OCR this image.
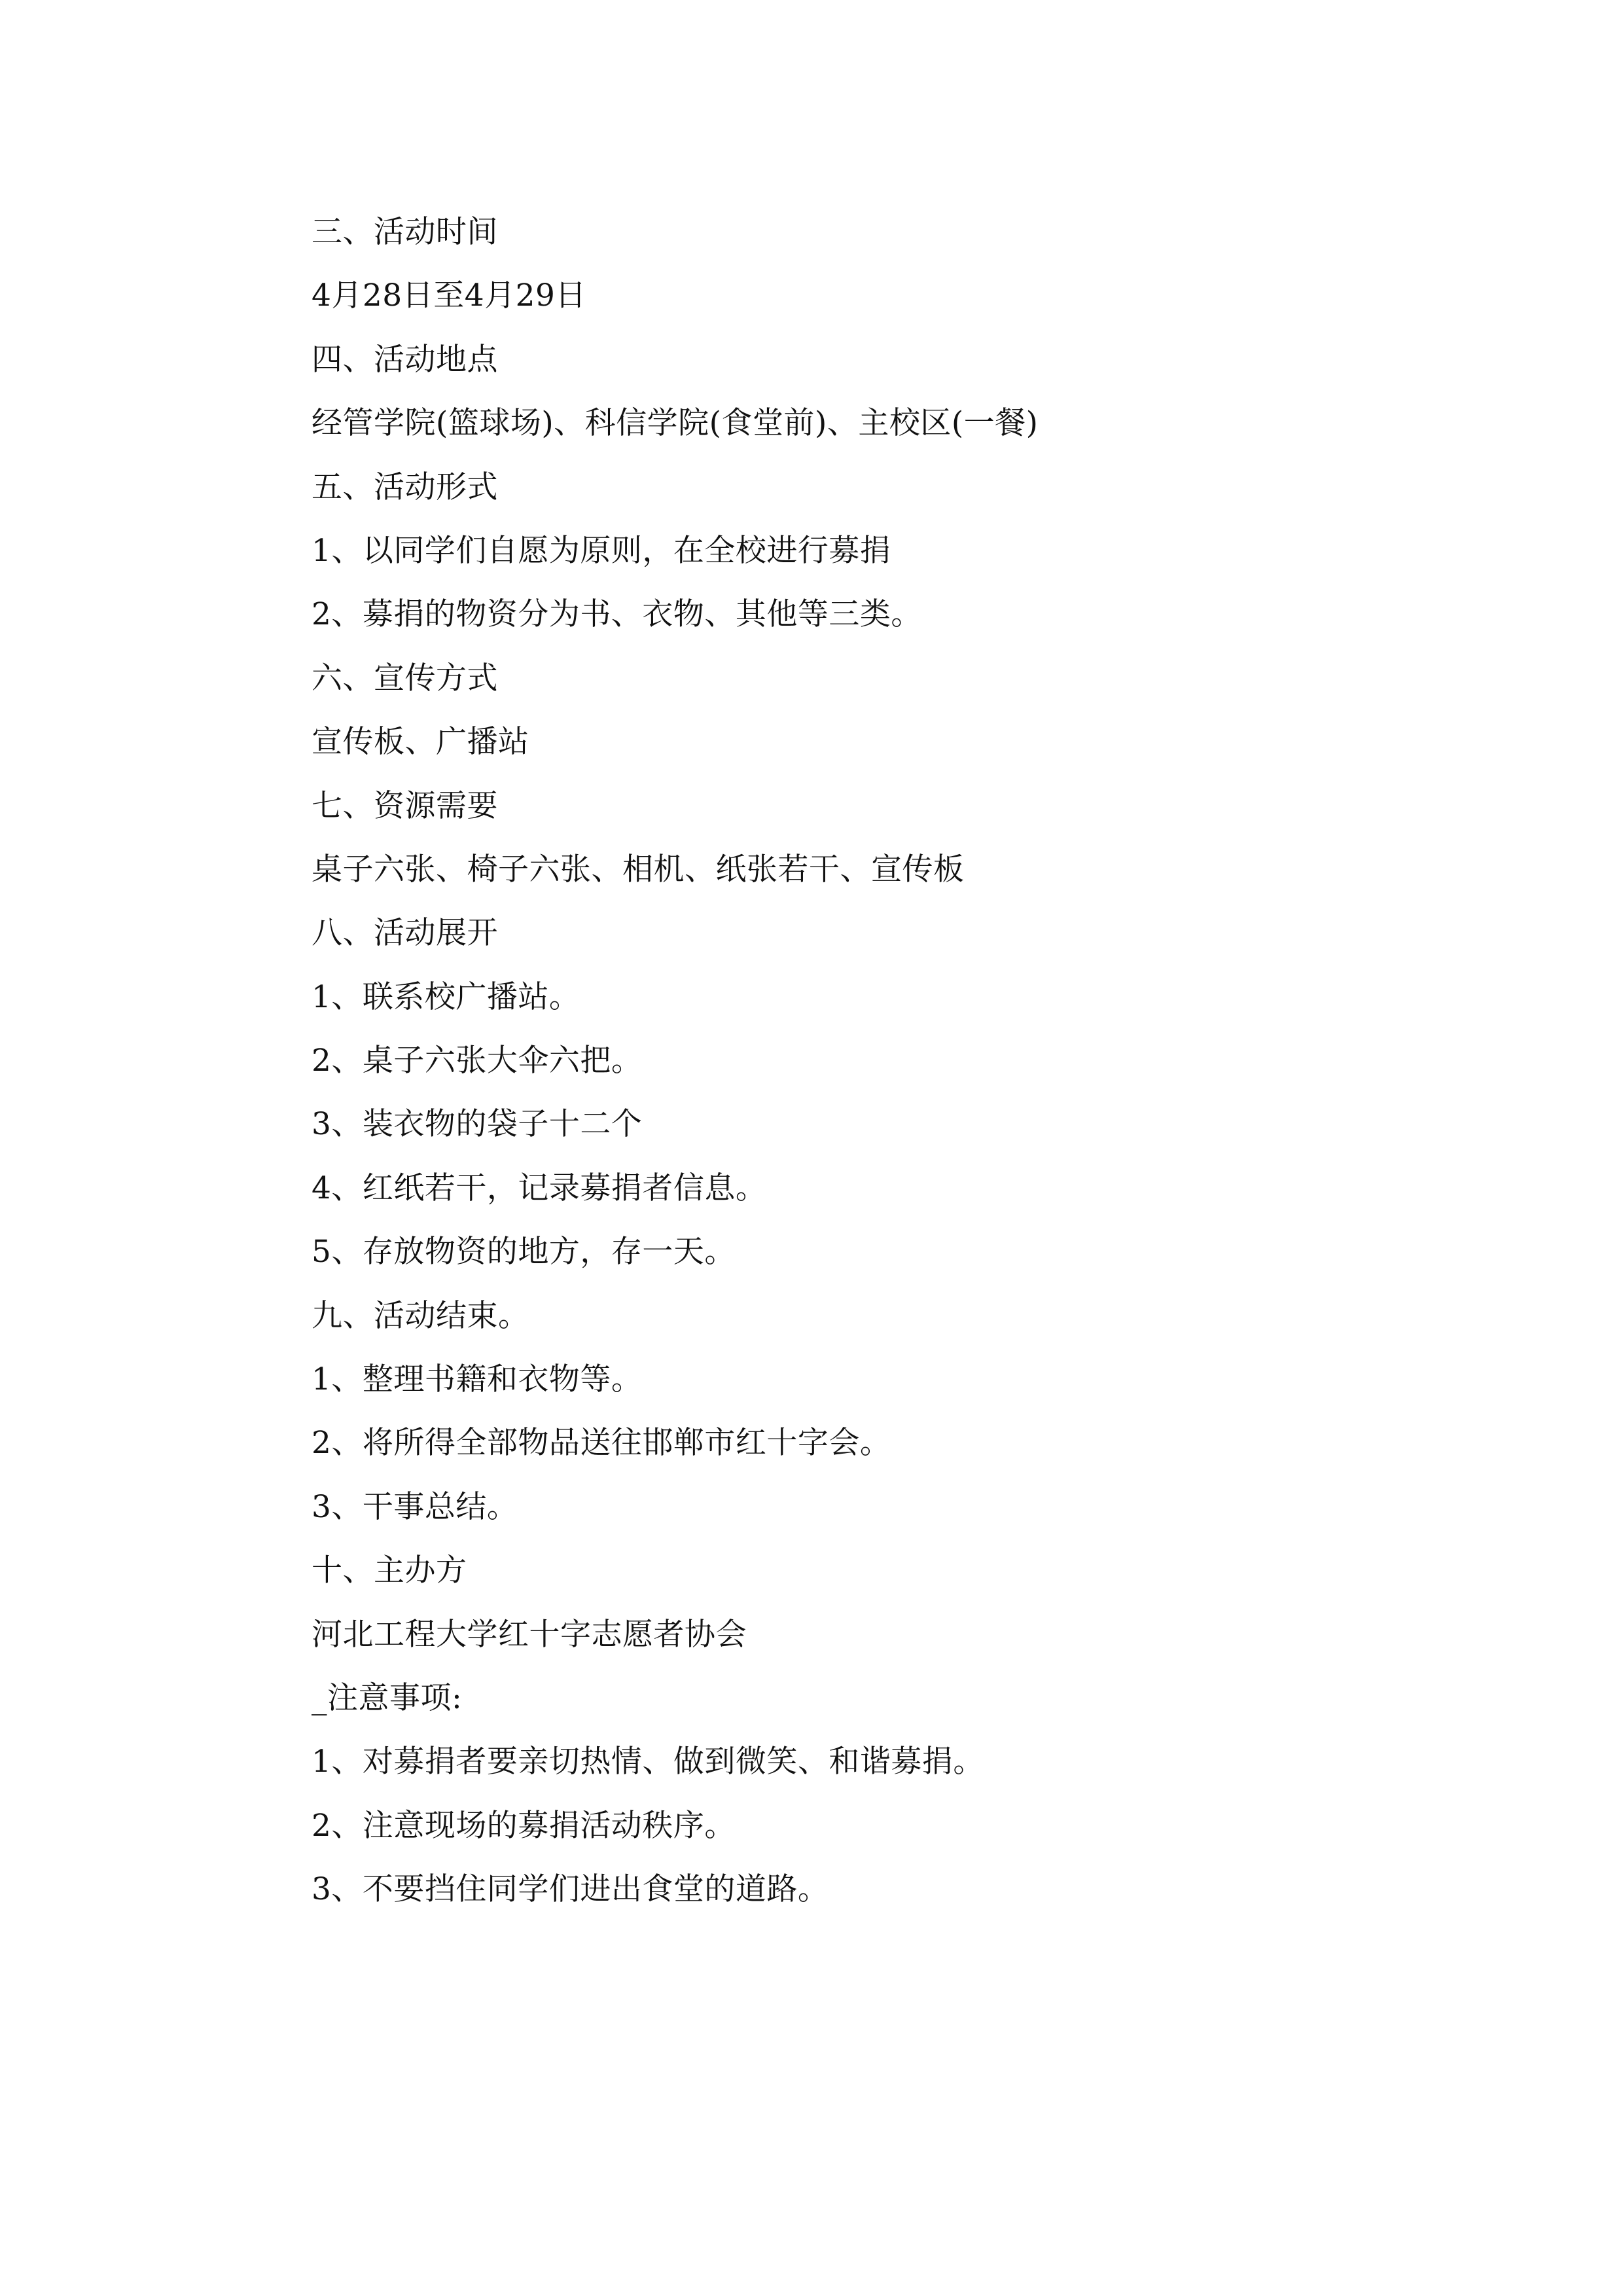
三、活动时间
4月28日至4月29日
四、活动地点
经管学院(篮球场)、科信学院(食堂前)、主校区(一餐)
五、活动形式
1、以同学们自愿为原则，在全校进行募捐
2、募捐的物资分为书、衣物、其他等三类。
六、宣传方式
宣传板、广播站
七、资源需要
桌子六张、椅子六张、相机、纸张若干、宣传板
八、活动展开
1、联系校广播站。
2、桌子六张大伞六把。
3、装衣物的袋子十二个
4、红纸若干，记录募捐者信息。
5、存放物资的地方，存一天。
九、活动结束。
1、整理书籍和衣物等。
2、将所得全部物品送往邯郸市红十字会。
3、干事总结。
十、主办方
河北工程大学红十字志愿者协会
_注意事项:
1、对募捐者要亲切热情、做到微笑、和谐募捐。
2、注意现场的募捐活动秩序。
3、不要挡住同学们进出食堂的道路。
